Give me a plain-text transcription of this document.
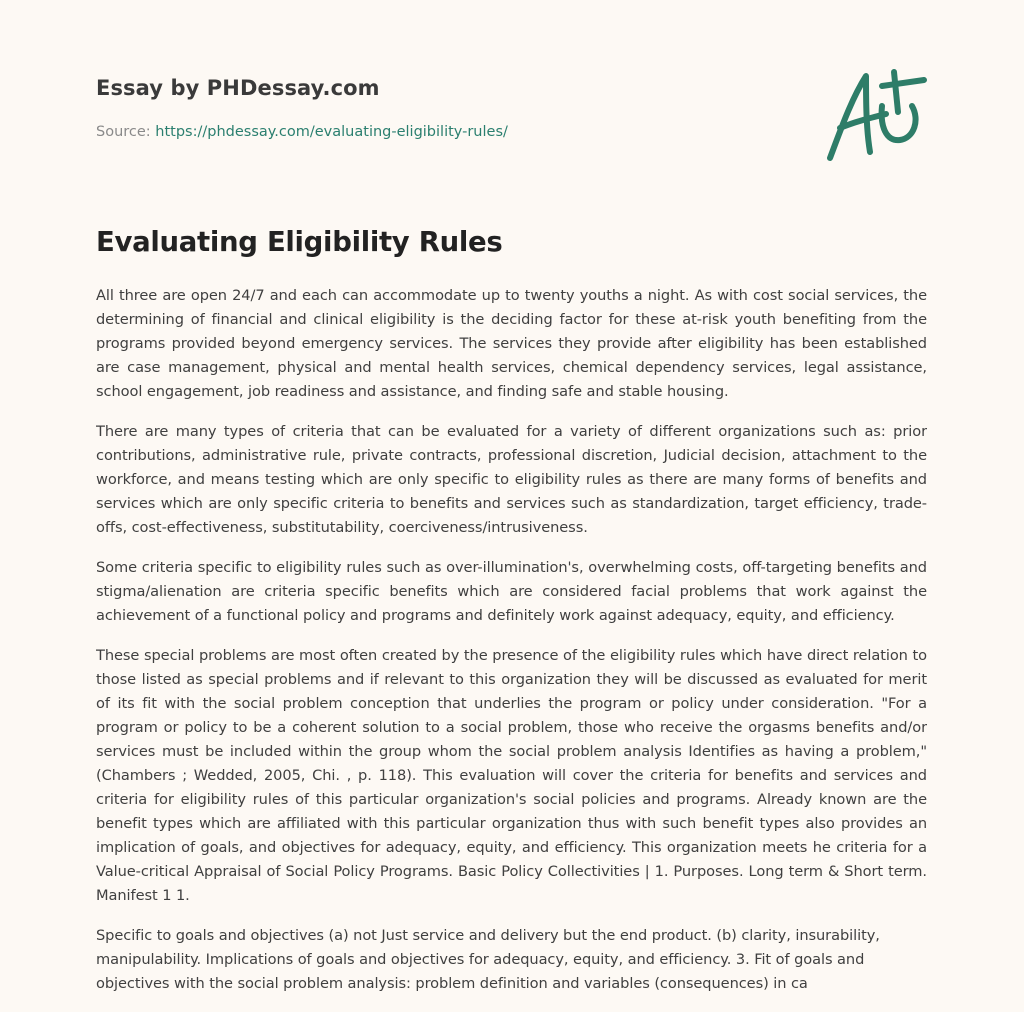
Essay by PHDessay.com
Source: https://phdessay.com/evaluating-eligibility-rules/
Evaluating Eligibility Rules

All three are open 24/7 and each can accommodate up to twenty youths a night. As with cost social services, the determining of financial and clinical eligibility is the deciding factor for these at-risk youth benefiting from the programs provided beyond emergency services. The services they provide after eligibility has been established are case management, physical and mental health services, chemical dependency services, legal assistance, school engagement, job readiness and assistance, and finding safe and stable housing.

There are many types of criteria that can be evaluated for a variety of different organizations such as: prior contributions, administrative rule, private contracts, professional discretion, Judicial decision, attachment to the workforce, and means testing which are only specific to eligibility rules as there are many forms of benefits and services which are only specific criteria to benefits and services such as standardization, target efficiency, trade-offs, cost-effectiveness, substitutability, coerciveness/intrusiveness.

Some criteria specific to eligibility rules such as over-illumination's, overwhelming costs, off-targeting benefits and stigma/alienation are criteria specific benefits which are considered facial problems that work against the achievement of a functional policy and programs and definitely work against adequacy, equity, and efficiency.

These special problems are most often created by the presence of the eligibility rules which have direct relation to those listed as special problems and if relevant to this organization they will be discussed as evaluated for merit of its fit with the social problem conception that underlies the program or policy under consideration. "For a program or policy to be a coherent solution to a social problem, those who receive the orgasms benefits and/or services must be included within the group whom the social problem analysis Identifies as having a problem," (Chambers ; Wedded, 2005, Chi. , p. 118). This evaluation will cover the criteria for benefits and services and criteria for eligibility rules of this particular organization's social policies and programs. Already known are the benefit types which are affiliated with this particular organization thus with such benefit types also provides an implication of goals, and objectives for adequacy, equity, and efficiency. This organization meets he criteria for a Value-critical Appraisal of Social Policy Programs. Basic Policy Collectivities | 1. Purposes. Long term & Short term. Manifest 1 1.

Specific to goals and objectives (a) not Just service and delivery but the end product. (b) clarity, insurability, manipulability. Implications of goals and objectives for adequacy, equity, and efficiency. 3. Fit of goals and objectives with the social problem analysis: problem definition and variables (consequences) in ca
